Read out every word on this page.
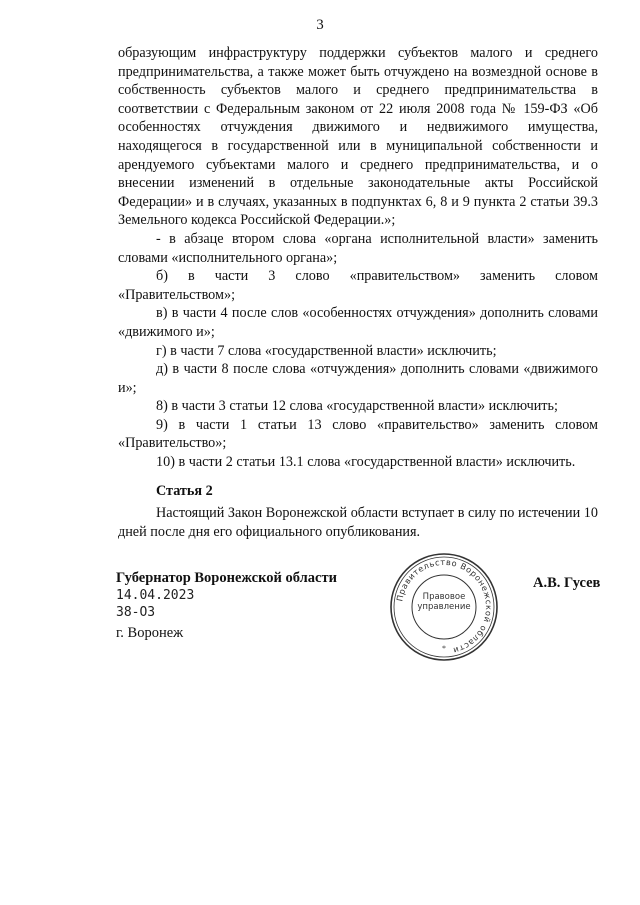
3

образующим инфраструктуру поддержки субъектов малого и среднего предпринимательства, а также может быть отчуждено на возмездной основе в собственность субъектов малого и среднего предпринимательства в соответствии с Федеральным законом от 22 июля 2008 года № 159-ФЗ «Об особенностях отчуждения движимого и недвижимого имущества, находящегося в государственной или в муниципальной собственности и арендуемого субъектами малого и среднего предпринимательства, и о внесении изменений в отдельные законодательные акты Российской Федерации» и в случаях, указанных в подпунктах 6, 8 и 9 пункта 2 статьи 39.3 Земельного кодекса Российской Федерации.»;

- в абзаце втором слова «органа исполнительной власти» заменить словами «исполнительного органа»;

б) в части 3 слово «правительством» заменить словом «Правительством»;

в) в части 4 после слов «особенностях отчуждения» дополнить словами «движимого и»;

г) в части 7 слова «государственной власти» исключить;

д) в части 8 после слова «отчуждения» дополнить словами «движимого и»;

8) в части 3 статьи 12 слова «государственной власти» исключить;

9) в части 1 статьи 13 слово «правительство» заменить словом «Правительство»;

10) в части 2 статьи 13.1 слова «государственной власти» исключить.

Статья 2

Настоящий Закон Воронежской области вступает в силу по истечении 10 дней после дня его официального опубликования.

Губернатор Воронежской области
14.04.2023
38-ОЗ
г. Воронеж
А.В. Гусев
Правительство Воронежской области
*
Правовое
управление
